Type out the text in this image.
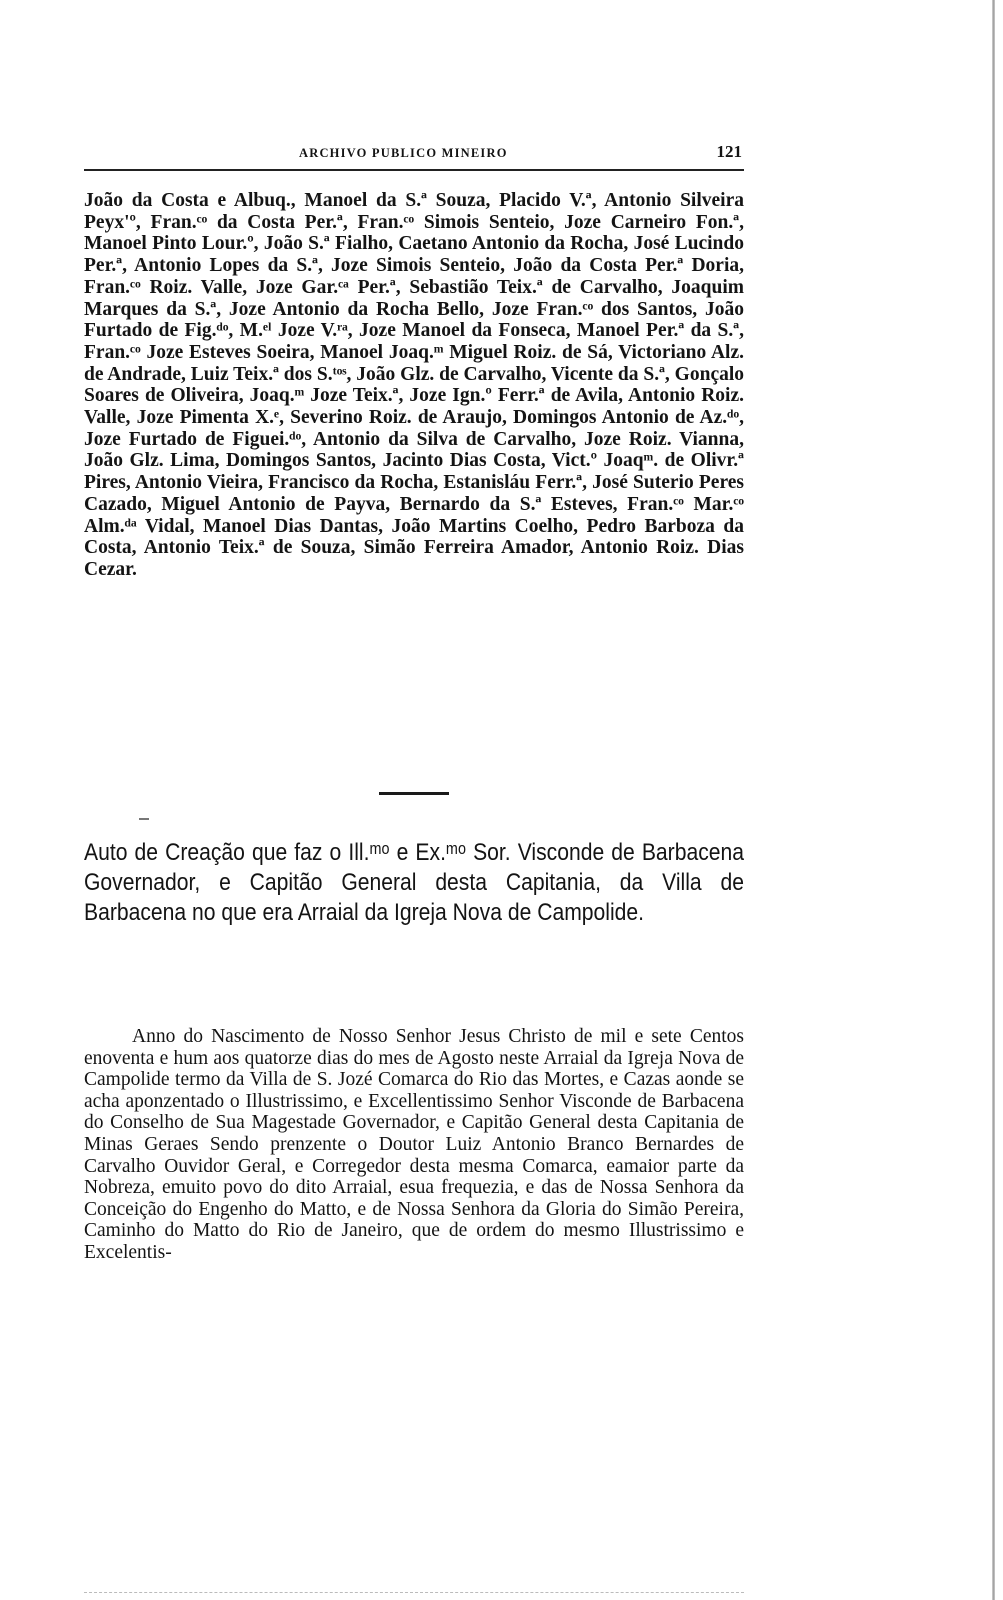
ARCHIVO PUBLICO MINEIRO	121

João da Costa e Albuq., Manoel da S.ª Souza, Placido V.ª, Antonio Silveira Peyx'º, Fran.ᶜᵒ da Costa Per.ª, Fran.ᶜᵒ Simois Senteio, Joze Carneiro Fon.ª, Manoel Pinto Lour.º, João S.ª Fialho, Caetano Antonio da Rocha, José Lucindo Per.ª, Antonio Lopes da S.ª, Joze Simois Senteio, João da Costa Per.ª Doria, Fran.ᶜᵒ Roiz. Valle, Joze Gar.ᶜᵃ Per.ª, Sebastião Teix.ª de Carvalho, Joaquim Marques da S.ª, Joze Antonio da Rocha Bello, Joze Fran.ᶜᵒ dos Santos, João Furtado de Fig.ᵈᵒ, M.ᵉˡ Joze V.ʳᵃ, Joze Manoel da Fonseca, Manoel Per.ª da S.ª, Fran.ᶜᵒ Joze Esteves Soeira, Manoel Joaq.ᵐ Miguel Roiz. de Sá, Victoriano Alz. de Andrade, Luiz Teix.ª dos S.ᵗᵒˢ, João Glz. de Carvalho, Vicente da S.ª, Gonçalo Soares de Oliveira, Joaq.ᵐ Joze Teix.ª, Joze Ign.º Ferr.ª de Avila, Antonio Roiz. Valle, Joze Pimenta X.ᵉ, Severino Roiz. de Araujo, Domingos Antonio de Az.ᵈᵒ, Joze Furtado de Figuei.ᵈᵒ, Antonio da Silva de Carvalho, Joze Roiz. Vianna, João Glz. Lima, Domingos Santos, Jacinto Dias Costa, Vict.º Joaqᵐ. de Olivr.ª Pires, Antonio Vieira, Francisco da Rocha, Estanisláu Ferr.ª, José Suterio Peres Cazado, Miguel Antonio de Payva, Bernardo da S.ª Esteves, Fran.ᶜᵒ Mar.ᶜᵒ Alm.ᵈᵃ Vidal, Manoel Dias Dantas, João Martins Coelho, Pedro Barboza da Costa, Antonio Teix.ª de Souza, Simão Ferreira Amador, Antonio Roiz. Dias Cezar.

Auto de Creação que faz o Ill.ᵐᵒ e Ex.ᵐᵒ Sor. Visconde de Barbacena Governador, e Capitão General desta Capitania, da Villa de Barbacena no que era Arraial da Igreja Nova de Campolide.

Anno do Nascimento de Nosso Senhor Jesus Christo de mil e sete Centos enoventa e hum aos quatorze dias do mes de Agosto neste Arraial da Igreja Nova de Campolide termo da Villa de S. Jozé Comarca do Rio das Mortes, e Cazas aonde se acha aponzentado o Illustrissimo, e Excellentissimo Senhor Visconde de Barbacena do Conselho de Sua Magestade Governador, e Capitão General desta Capitania de Minas Geraes Sendo prenzente o Doutor Luiz Antonio Branco Bernardes de Carvalho Ouvidor Geral, e Corregedor desta mesma Comarca, eamaior parte da Nobreza, emuito povo do dito Arraial, esua frequezia, e das de Nossa Senhora da Conceição do Engenho do Matto, e de Nossa Senhora da Gloria do Simão Pereira, Caminho do Matto do Rio de Janeiro, que de ordem do mesmo Illustrissimo e Excelentis-
